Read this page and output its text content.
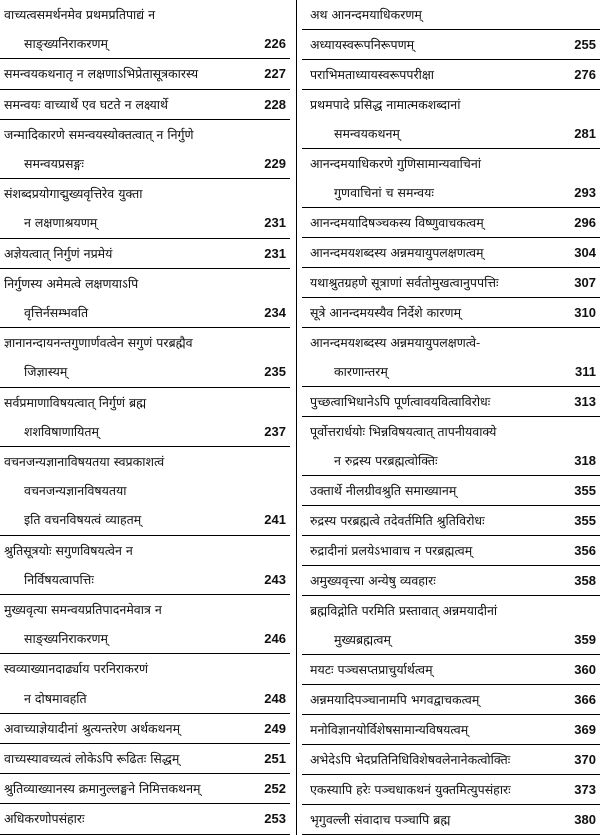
वाच्यत्वसमर्थनमेव प्रथमप्रतिपाद्यं न
साङ्ख्यनिराकरणम्	226
समन्वयकथनातृ न लक्षणाऽभिप्रेतासूत्रकारस्य	227
समन्वयः वाच्यार्थे एव घटते न लक्ष्यार्थे	228
जन्मादिकारणे समन्वयस्योक्तत्वात् न निर्गुणे
समन्वयप्रसङ्गः	229
संशब्दप्रयोगाद्मुख्यवृत्तिरेव युक्ता
न लक्षणाश्रयणम्	231
अज्ञेयत्वात् निर्गुणं नप्रमेयं	231
निर्गुणस्य अमेमत्वे लक्षणयाऽपि
वृत्तिर्नसम्भवति	234
ज्ञानानन्दायनन्तगुणार्णवत्वेन सगुणं परब्रह्मैव
जिज्ञास्यम्	235
सर्वप्रमाणाविषयत्वात् निर्गुणं ब्रह्म
शशविषाणायितम्	237
वचनजन्यज्ञानाविषयतया स्वप्रकाशत्वं
वचनजन्यज्ञानविषयतया
इति वचनविषयत्वं व्याहतम्	241
श्रुतिसूत्रयोः सगुणविषयत्वेन न
निर्विषयत्वापत्तिः	243
मुख्यवृत्या समन्वयप्रतिपादनमेवात्र न
साङ्ख्यनिराकरणम्	246
स्वव्याख्यानदार्ढ्याय परनिराकरणं
न दोषमावहति	248
अवाच्याज्ञेयादीनां श्रुत्यन्तरेण अर्थकथनम्	249
वाच्यस्यावच्यत्वं लोकेऽपि रूढितः सिद्धम्	251
श्रुतिव्याख्यानस्य क्रमानुल्लङ्घने निमित्तकथनम्	252
अधिकरणोपसंहारः	253
अथ आनन्दमयाधिकरणम्
अध्यायस्वरूपनिरूपणम्	255
पराभिमताध्यायस्वरूपपरीक्षा	276
प्रथमपादे प्रसिद्ध नामात्मकशब्दानां
समन्वयकथनम्	281
आनन्दमयाधिकरणे गुणिसामान्यवाचिनां
गुणवाचिनां च समन्वयः	293
आनन्दमयादिषञ्चकस्य विष्णुवाचकत्वम्	296
आनन्दमयशब्दस्य अन्नमयायुपलक्षणत्वम्	304
यथाश्रुतग्रहणे सूत्राणां सर्वतोमुखत्वानुपपत्तिः	307
सूत्रे आनन्दमयस्यैव निर्देशे कारणम्	310
आनन्दमयशब्दस्य अन्नमयायुपलक्षणत्वे-
कारणान्तरम्	311
पुच्छत्वाभिधानेऽपि पूर्णत्वावयवित्वाविरोधः	313
पूर्वोत्तरार्धयोः भिन्नविषयत्वात् तापनीयवाक्ये
न रुद्रस्य परब्रह्मत्वोक्तिः	318
उक्तार्थे नीलग्रीवश्रुति समाख्यानम्	355
रुद्रस्य परब्रह्मत्वे तदेवर्तमिति श्रुतिविरोधः	355
रुद्रादीनां प्रलयेऽभावाच न परब्रह्मत्वम्	356
अमुख्यवृत्त्या अन्येषु व्यवहारः	358
ब्रह्मविद्गोति परमिति प्रस्तावात् अन्नमयादीनां
मुख्यब्रह्मत्वम्	359
मयटः पञ्चसप्तप्राचुर्यार्थत्वम्	360
अन्नमयादिपञ्चानामपि भगवद्वाचकत्वम्	366
मनोविज्ञानयोर्विशेषसामान्यविषयत्वम्	369
अभेदेऽपि भेदप्रतिनिधिविशेषवलेनानेकत्वोक्तिः	370
एकस्यापि हरेः पञ्चधाकथनं युक्तमित्युपसंहारः	373
भृगुवल्ली संवादाच पञ्चापि ब्रह्म	380
